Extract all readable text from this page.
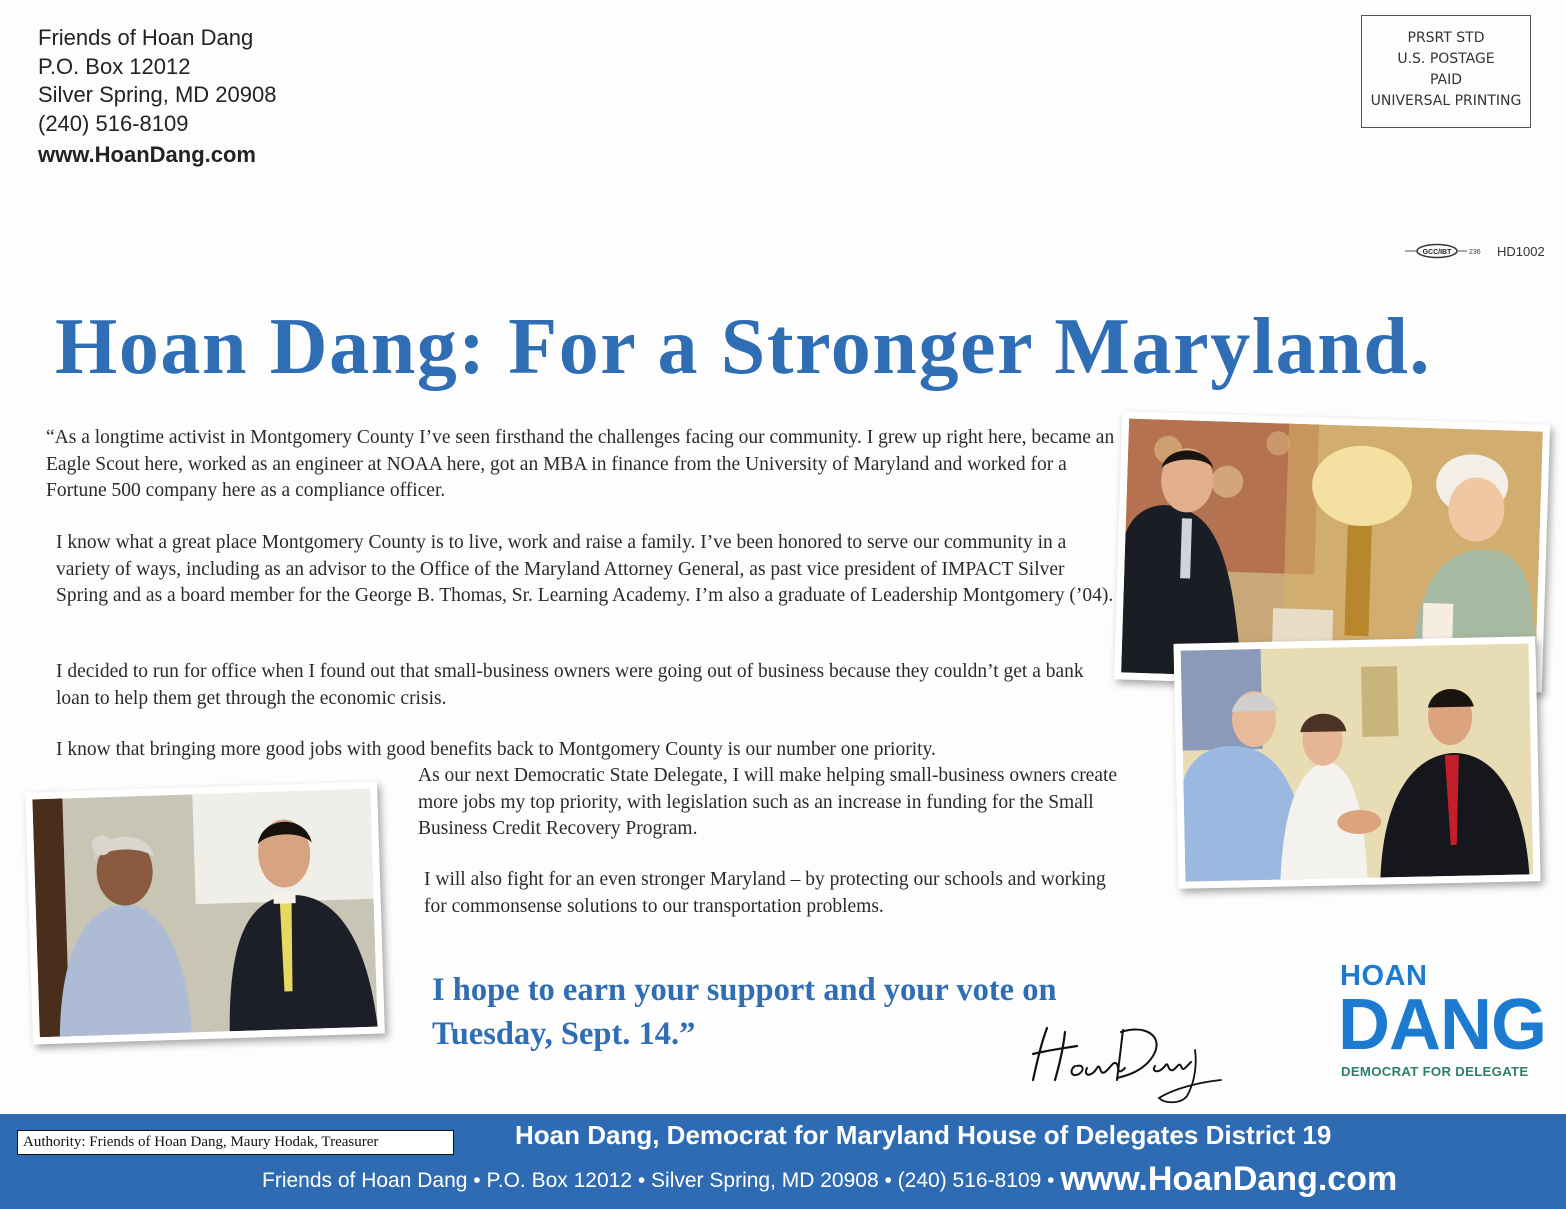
Friends of Hoan Dang
P.O. Box 12012
Silver Spring, MD 20908
(240) 516-8109
www.HoanDang.com
PRSRT STD
U.S. POSTAGE
PAID
UNIVERSAL PRINTING
GCC/IBT	236 HD1002
Hoan Dang: For a Stronger Maryland.
“As a longtime activist in Montgomery County I’ve seen firsthand the challenges facing our community. I grew up right here, became an Eagle Scout here, worked as an engineer at NOAA here, got an MBA in finance from the University of Maryland and worked for a Fortune 500 company here as a compliance officer.
I know what a great place Montgomery County is to live, work and raise a family. I’ve been honored to serve our community in a variety of ways, including as an advisor to the Office of the Maryland Attorney General, as past vice president of IMPACT Silver Spring and as a board member for the George B. Thomas, Sr. Learning Academy. I’m also a graduate of Leadership Montgomery (’04).
I decided to run for office when I found out that small-business owners were going out of business because they couldn’t get a bank loan to help them get through the economic crisis.
I know that bringing more good jobs with good benefits back to Montgomery County is our number one priority.
As our next Democratic State Delegate, I will make helping small-business owners create more jobs my top priority, with legislation such as an increase in funding for the Small Business Credit Recovery Program.
I will also fight for an even stronger Maryland – by protecting our schools and working for commonsense solutions to our transportation problems.
I hope to earn your support and your vote on Tuesday, Sept. 14.”
HOAN
DANG
DEMOCRAT FOR DELEGATE
Authority: Friends of Hoan Dang, Maury Hodak, Treasurer	Hoan Dang, Democrat for Maryland House of Delegates District 19
Friends of Hoan Dang • P.O. Box 12012 • Silver Spring, MD 20908 • (240) 516-8109 • www.HoanDang.com
